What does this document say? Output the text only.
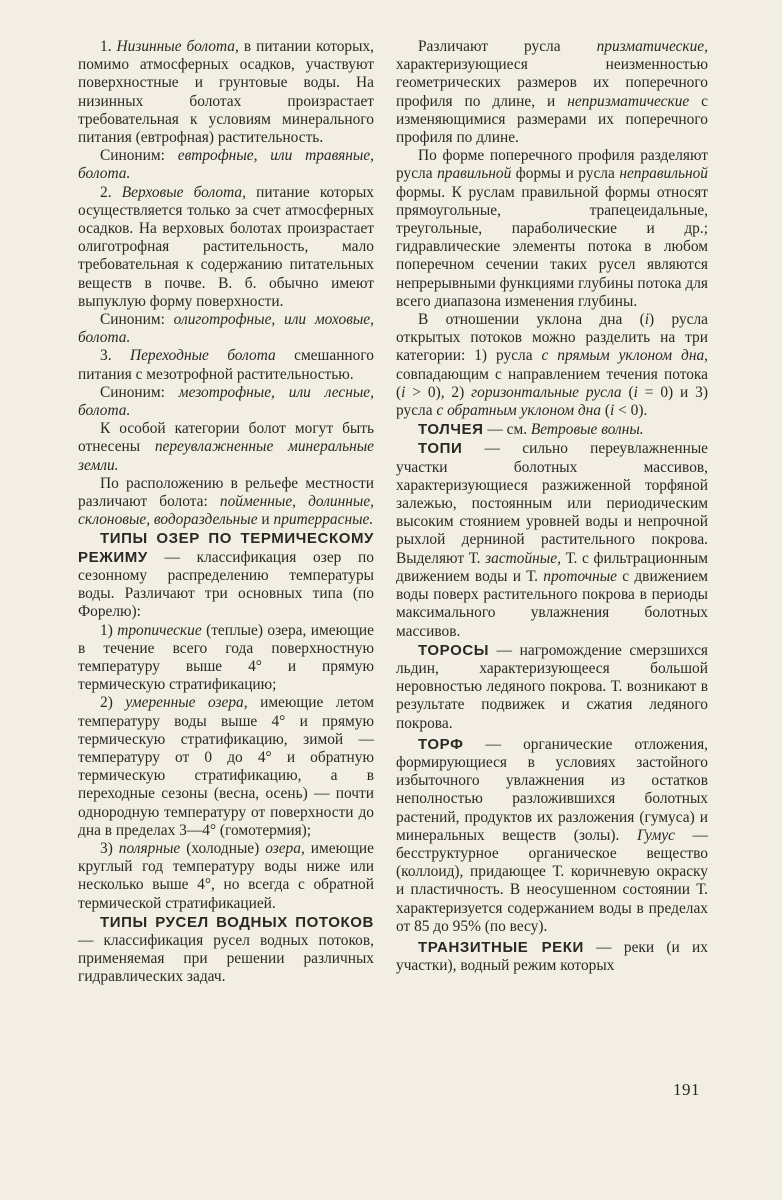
1. Низинные болота, в питании которых, помимо атмосферных осадков, участвуют поверхностные и грунтовые воды. На низинных болотах произрастает требовательная к условиям минерального питания (евтрофная) растительность.

Синоним: евтрофные, или травяные, болота.

2. Верховые болота, питание которых осуществляется только за счет атмосферных осадков. На верховых болотах произрастает олиготрофная растительность, мало требовательная к содержанию питательных веществ в почве. В. б. обычно имеют выпуклую форму поверхности.

Синоним: олиготрофные, или моховые, болота.

3. Переходные болота смешанного питания с мезотрофной растительностью.

Синоним: мезотрофные, или лесные, болота.

К особой категории болот могут быть отнесены переувлажненные минеральные земли.

По расположению в рельефе местности различают болота: пойменные, долинные, склоновые, водораздельные и притеррасные.

ТИПЫ ОЗЕР ПО ТЕРМИЧЕСКОМУ РЕЖИМУ — классификация озер по сезонному распределению температуры воды. Различают три основных типа (по Форелю):

1) тропические (теплые) озера, имеющие в течение всего года поверхностную температуру выше 4° и прямую термическую стратификацию;

2) умеренные озера, имеющие летом температуру воды выше 4° и прямую термическую стратификацию, зимой — температуру от 0 до 4° и обратную термическую стратификацию, а в переходные сезоны (весна, осень) — почти однородную температуру от поверхности до дна в пределах 3—4° (гомотермия);

3) полярные (холодные) озера, имеющие круглый год температуру воды ниже или несколько выше 4°, но всегда с обратной термической стратификацией.

ТИПЫ РУСЕЛ ВОДНЫХ ПОТОКОВ — классификация русел водных потоков, применяемая при решении различных гидравлических задач.

Различают русла призматические, характеризующиеся неизменностью геометрических размеров их поперечного профиля по длине, и непризматические с изменяющимися размерами их поперечного профиля по длине.

По форме поперечного профиля разделяют русла правильной формы и русла неправильной формы. К руслам правильной формы относят прямоугольные, трапецеидальные, треугольные, параболические и др.; гидравлические элементы потока в любом поперечном сечении таких русел являются непрерывными функциями глубины потока для всего диапазона изменения глубины.

В отношении уклона дна (i) русла открытых потоков можно разделить на три категории: 1) русла с прямым уклоном дна, совпадающим с направлением течения потока (i > 0), 2) горизонтальные русла (i = 0) и 3) русла с обратным уклоном дна (i < 0).

ТОЛЧЕЯ — см. Ветровые волны.

ТОПИ — сильно переувлажненные участки болотных массивов, характеризующиеся разжиженной торфяной залежью, постоянным или периодическим высоким стоянием уровней воды и непрочной рыхлой дерниной растительного покрова. Выделяют Т. застойные, Т. с фильтрационным движением воды и Т. проточные с движением воды поверх растительного покрова в периоды максимального увлажнения болотных массивов.

ТОРОСЫ — нагромождение смерзшихся льдин, характеризующееся большой неровностью ледяного покрова. Т. возникают в результате подвижек и сжатия ледяного покрова.

ТОРФ — органические отложения, формирующиеся в условиях застойного избыточного увлажнения из остатков неполностью разложившихся болотных растений, продуктов их разложения (гумуса) и минеральных веществ (золы). Гумус — бесструктурное органическое вещество (коллоид), придающее Т. коричневую окраску и пластичность. В неосушенном состоянии Т. характеризуется содержанием воды в пределах от 85 до 95% (по весу).

ТРАНЗИТНЫЕ РЕКИ — реки (и их участки), водный режим которых

191
